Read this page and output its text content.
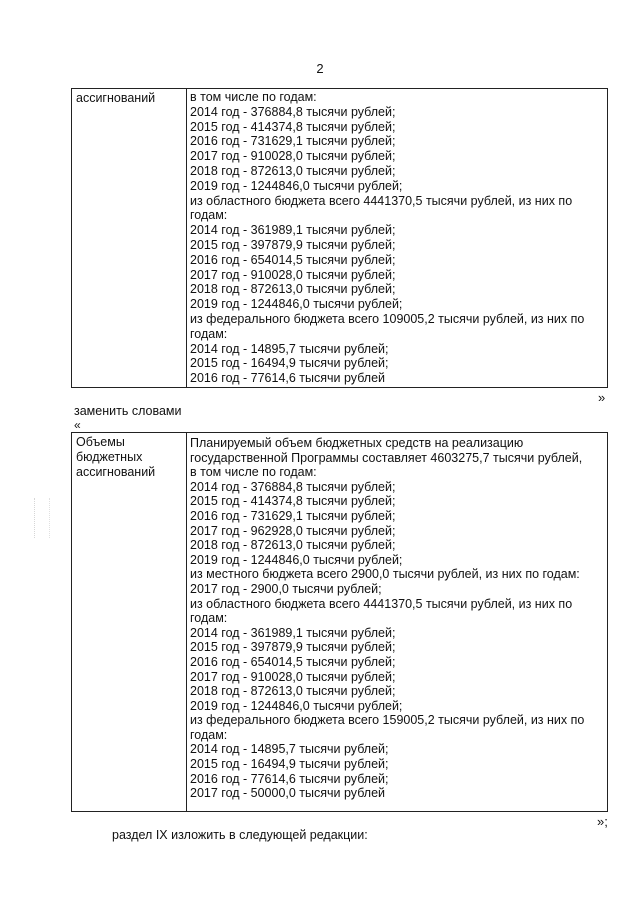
2
ассигнований	в том числе по годам:
2014 год - 376884,8 тысячи рублей;
2015 год - 414374,8 тысячи рублей;
2016 год - 731629,1 тысячи рублей;
2017 год - 910028,0 тысячи рублей;
2018 год - 872613,0 тысячи рублей;
2019 год - 1244846,0 тысячи рублей;
из областного бюджета всего 4441370,5 тысячи рублей, из них по
годам:
2014 год - 361989,1 тысячи рублей;
2015 год - 397879,9 тысячи рублей;
2016 год - 654014,5 тысячи рублей;
2017 год - 910028,0 тысячи рублей;
2018 год - 872613,0 тысячи рублей;
2019 год - 1244846,0 тысячи рублей;
из федерального бюджета всего 109005,2 тысячи рублей, из них по
годам:
2014 год - 14895,7 тысячи рублей;
2015 год - 16494,9 тысячи рублей;
2016 год - 77614,6 тысячи рублей
»
заменить словами
«
Объемы
бюджетных
ассигнований
Планируемый объем бюджетных средств на реализацию
государственной Программы составляет 4603275,7 тысячи рублей,
в том числе по годам:
2014 год - 376884,8 тысячи рублей;
2015 год - 414374,8 тысячи рублей;
2016 год - 731629,1 тысячи рублей;
2017 год - 962928,0 тысячи рублей;
2018 год - 872613,0 тысячи рублей;
2019 год - 1244846,0 тысячи рублей;
из местного бюджета всего 2900,0 тысячи рублей, из них по годам:
2017 год - 2900,0 тысячи рублей;
из областного бюджета всего 4441370,5 тысячи рублей, из них по
годам:
2014 год - 361989,1 тысячи рублей;
2015 год - 397879,9 тысячи рублей;
2016 год - 654014,5 тысячи рублей;
2017 год - 910028,0 тысячи рублей;
2018 год - 872613,0 тысячи рублей;
2019 год - 1244846,0 тысячи рублей;
из федерального бюджета всего 159005,2 тысячи рублей, из них по
годам:
2014 год - 14895,7 тысячи рублей;
2015 год - 16494,9 тысячи рублей;
2016 год - 77614,6 тысячи рублей;
2017 год - 50000,0 тысячи рублей
»;
раздел IX изложить в следующей редакции:
